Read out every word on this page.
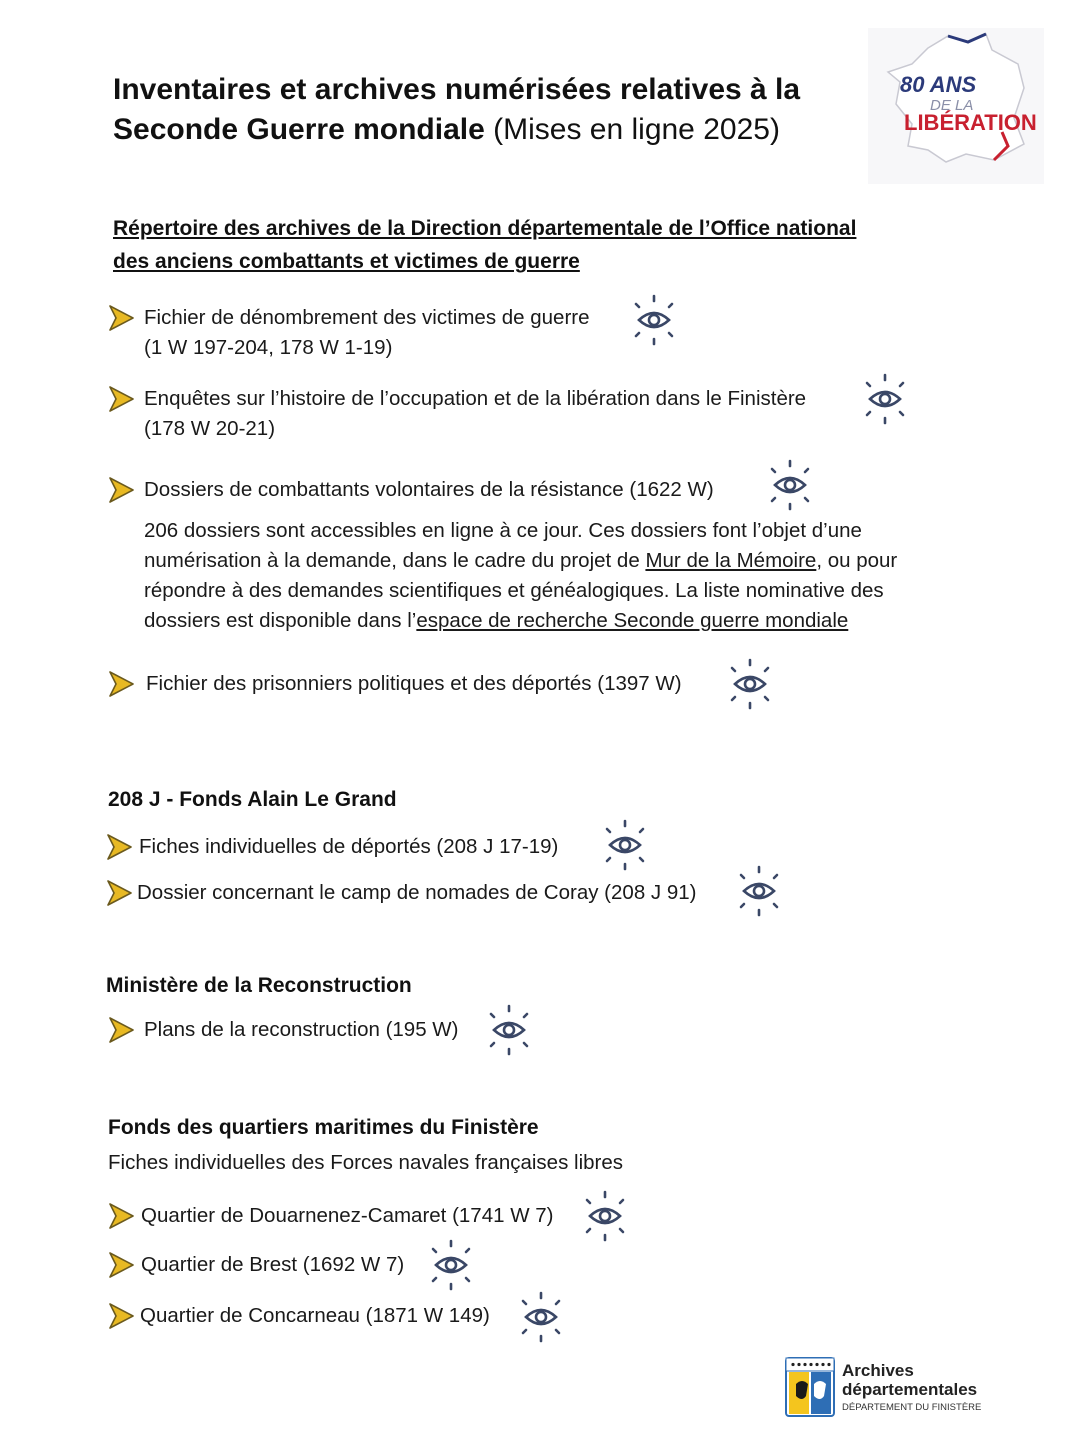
Inventaires et archives numérisées relatives à la
Seconde Guerre mondiale (Mises en ligne 2025)
80 ANS
DE LA
LIBÉRATION
Répertoire des archives de la Direction départementale de l’Office national
des anciens combattants et victimes de guerre
Fichier de dénombrement des victimes de guerre
(1 W 197-204, 178 W 1-19)
Enquêtes sur l’histoire de l’occupation et de la libération dans le Finistère
(178 W 20-21)
Dossiers de combattants volontaires de la résistance (1622 W)
206 dossiers sont accessibles en ligne à ce jour. Ces dossiers font l’objet d’une numérisation à la demande, dans le cadre du projet de Mur de la Mémoire, ou pour répondre à des demandes scientifiques et généalogiques. La liste nominative des dossiers est disponible dans l’espace de recherche Seconde guerre mondiale
Fichier des prisonniers politiques et des déportés (1397 W)
208 J - Fonds Alain Le Grand
Fiches individuelles de déportés (208 J 17-19)
Dossier concernant le camp de nomades de Coray (208 J 91)
Ministère de la Reconstruction
Plans de la reconstruction (195 W)
Fonds des quartiers maritimes du Finistère
Fiches individuelles des Forces navales françaises libres
Quartier de Douarnenez-Camaret (1741 W 7)
Quartier de Brest (1692 W 7)
Quartier de Concarneau (1871 W 149)
Archives
départementales
DÉPARTEMENT DU FINISTÈRE
